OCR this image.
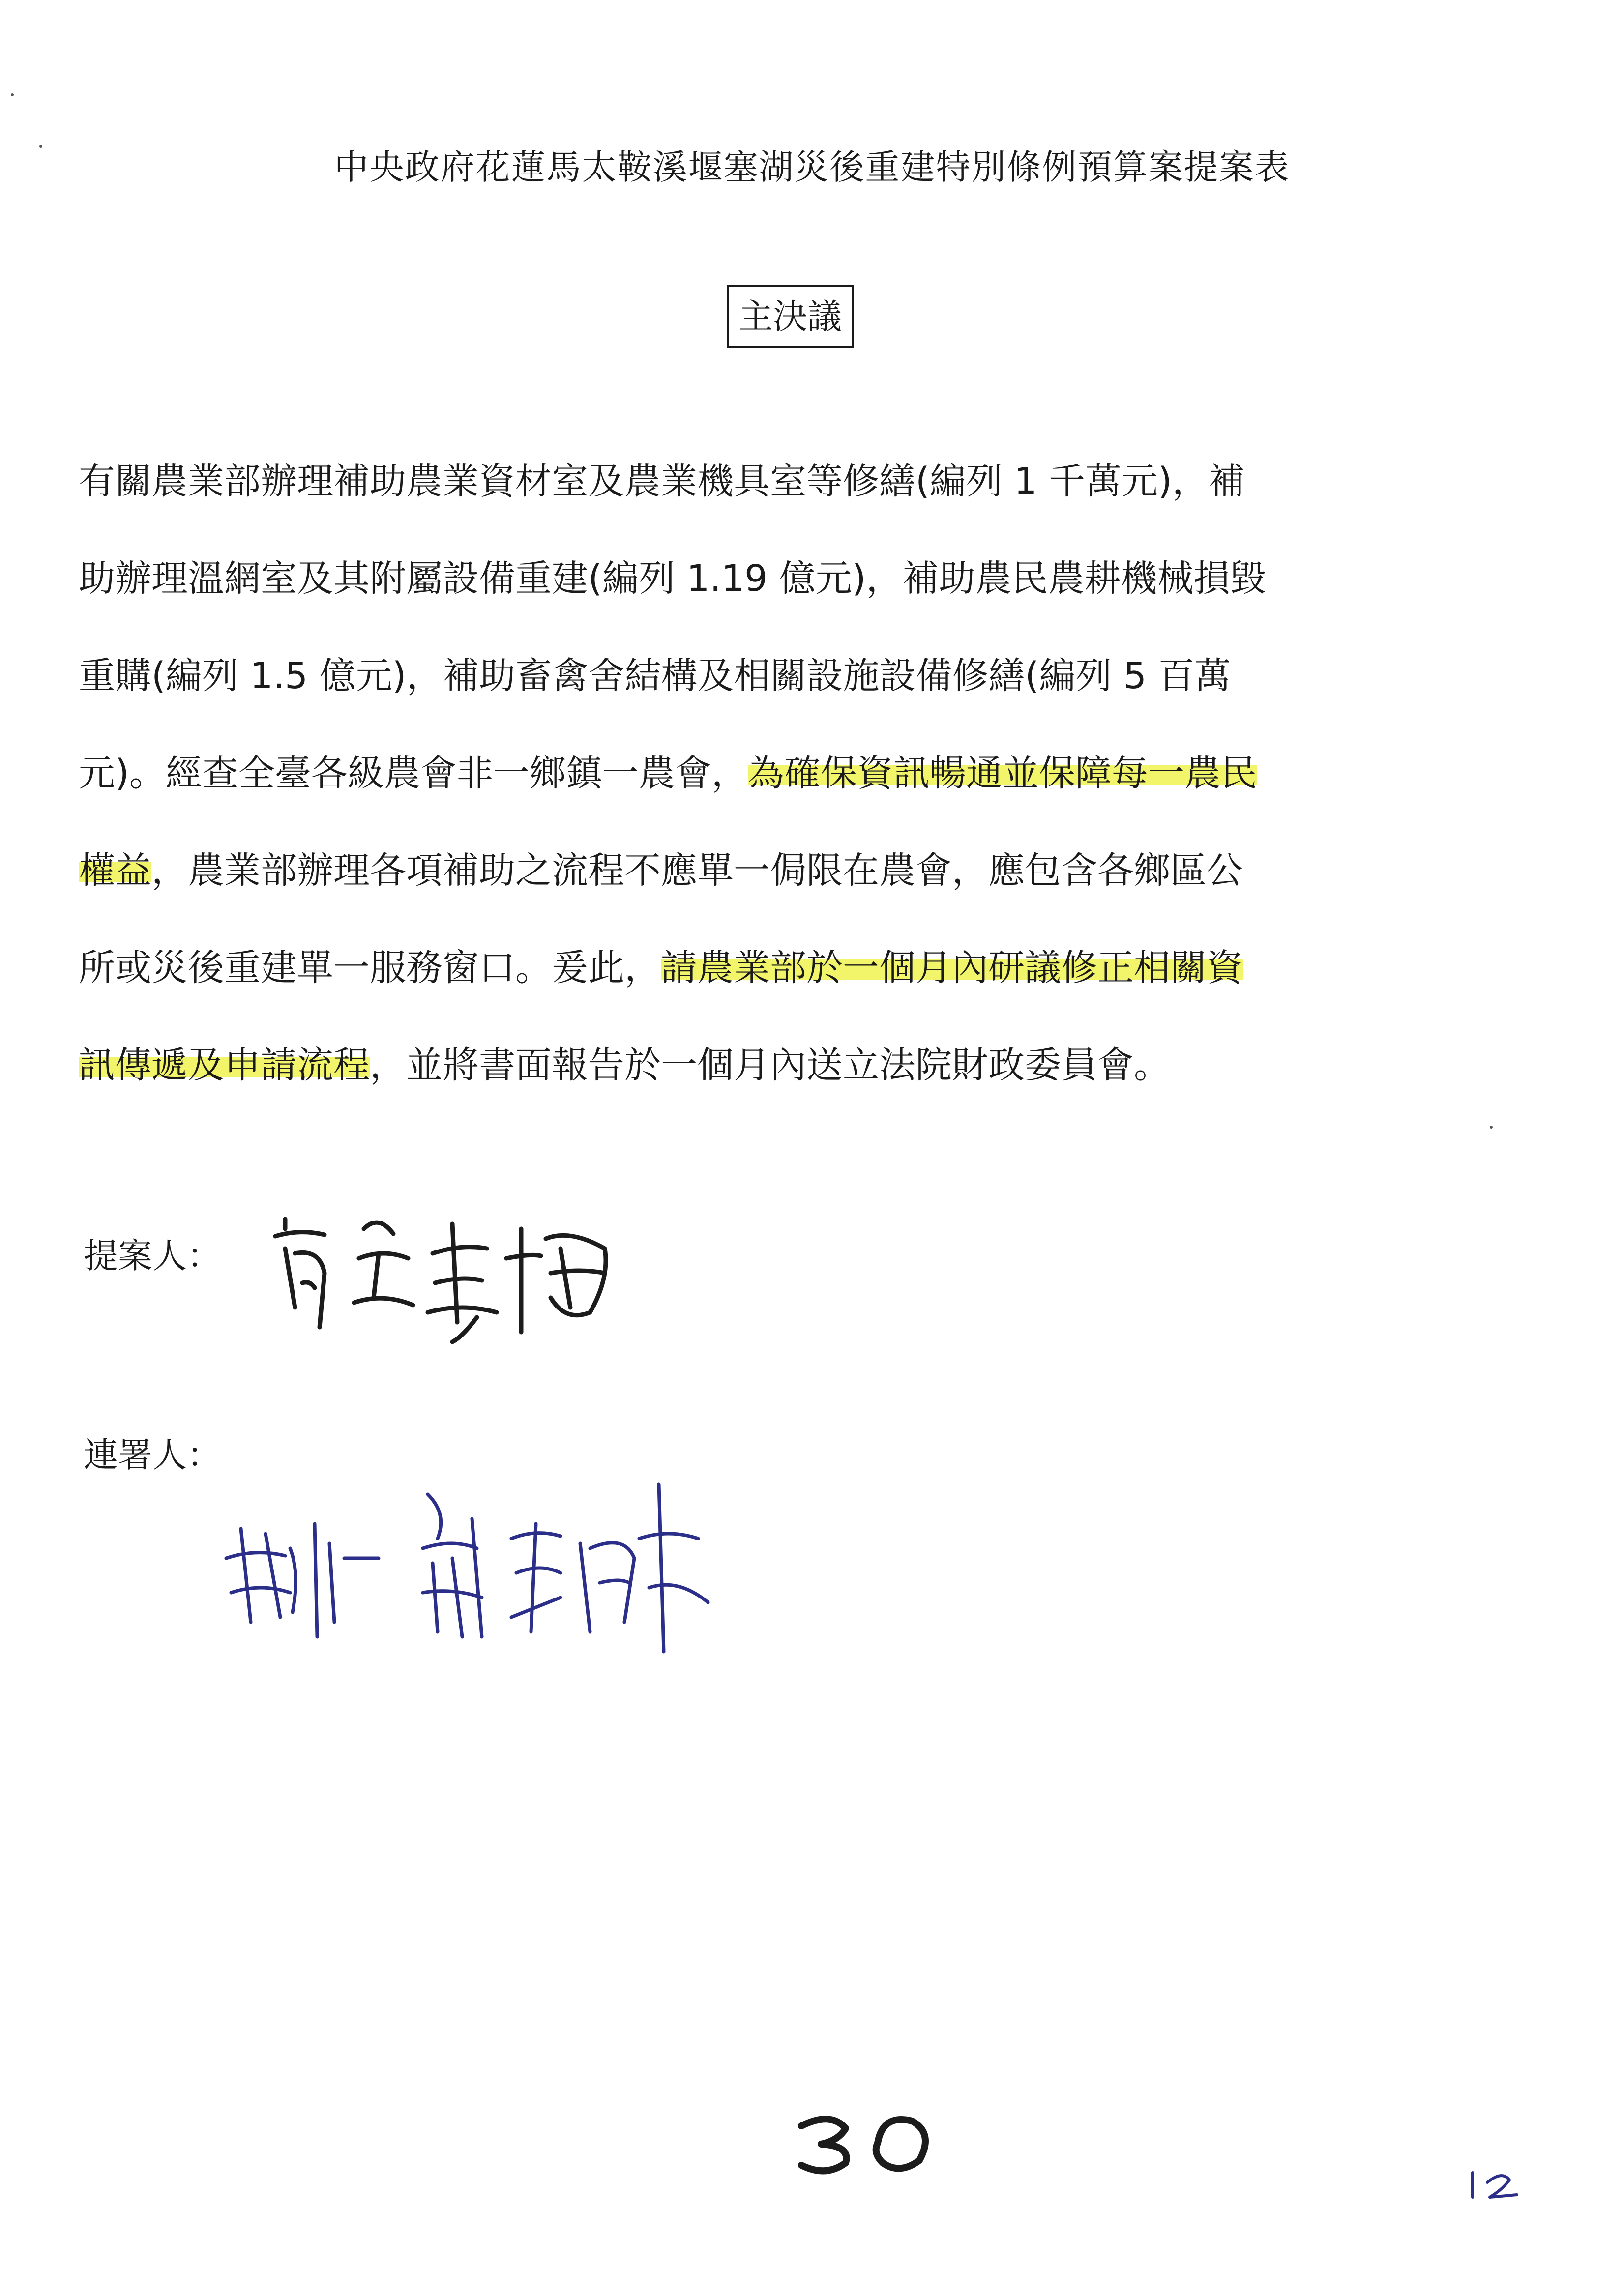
中央政府花蓮馬太鞍溪堰塞湖災後重建特別條例預算案提案表
主決議
有關農業部辦理補助農業資材室及農業機具室等修繕(編列 1 千萬元)，補
助辦理溫網室及其附屬設備重建(編列 1.19 億元)，補助農民農耕機械損毀
重購(編列 1.5 億元)，補助畜禽舍結構及相關設施設備修繕(編列 5 百萬
元)。經查全臺各級農會非一鄉鎮一農會，為確保資訊暢通並保障每一農民
權益，農業部辦理各項補助之流程不應單一侷限在農會，應包含各鄉區公
所或災後重建單一服務窗口。爰此，請農業部於一個月內研議修正相關資
訊傳遞及申請流程，並將書面報告於一個月內送立法院財政委員會。
提案人：
連署人：
